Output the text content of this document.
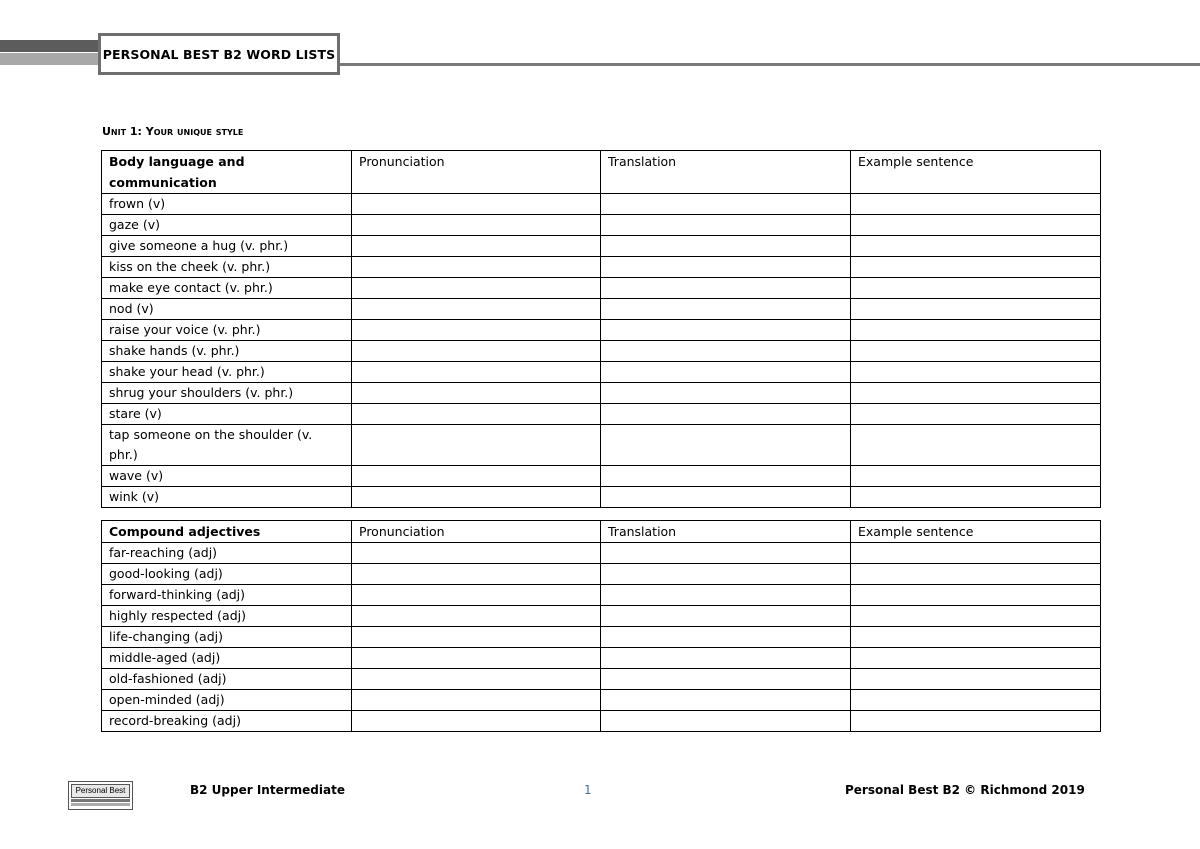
PERSONAL BEST B2 WORD LISTS
Unit 1: Your unique style
Body language and communication	Pronunciation	Translation	Example sentence
frown (v)			
gaze (v)			
give someone a hug (v. phr.)			
kiss on the cheek (v. phr.)			
make eye contact (v. phr.)			
nod (v)			
raise your voice (v. phr.)			
shake hands (v. phr.)			
shake your head (v. phr.)			
shrug your shoulders (v. phr.)			
stare (v)			
tap someone on the shoulder (v. phr.)			
wave (v)			
wink (v)			
Compound adjectives	Pronunciation	Translation	Example sentence
far-reaching (adj)			
good-looking (adj)			
forward-thinking (adj)			
highly respected (adj)			
life-changing (adj)			
middle-aged (adj)			
old-fashioned (adj)			
open-minded (adj)			
record-breaking (adj)			
Personal Best	B2 Upper Intermediate	1	Personal Best B2 © Richmond 2019
